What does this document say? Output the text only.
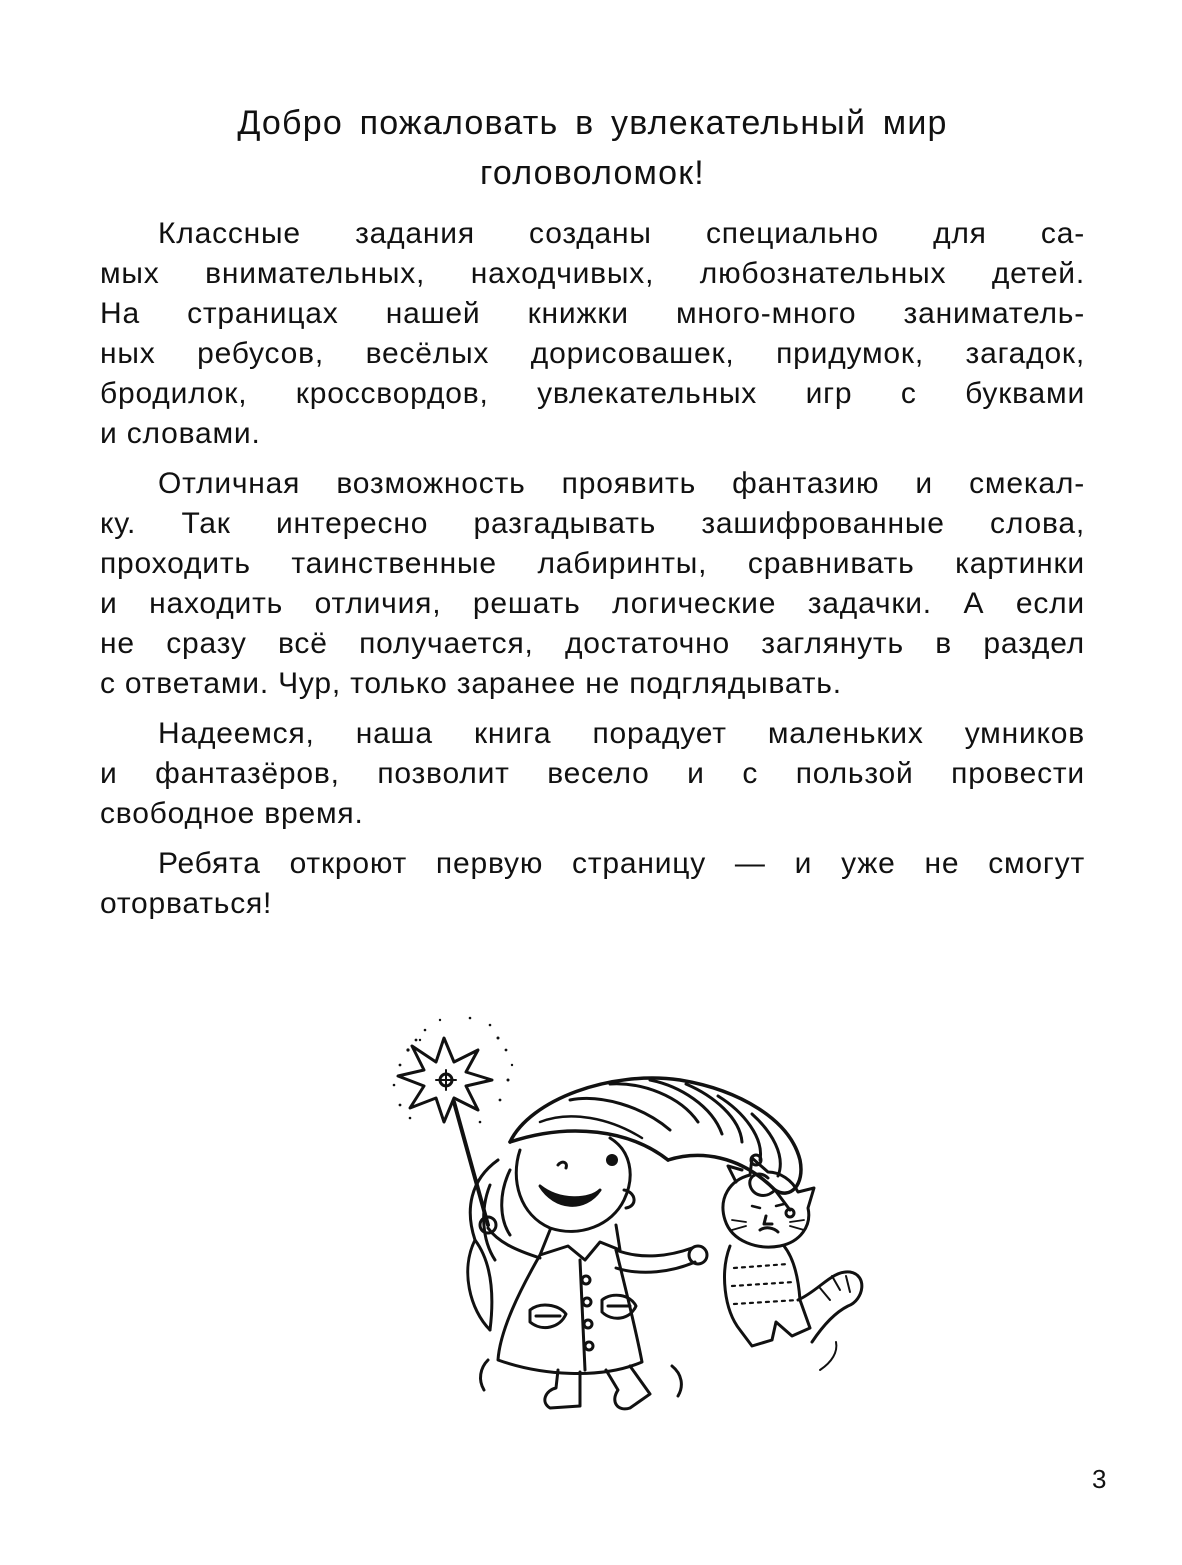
Добро пожаловать в увлекательный мир
головоломок!
Классные задания созданы специально для са-
мых внимательных, находчивых, любознательных детей.
На страницах нашей книжки много-много заниматель-
ных ребусов, весёлых дорисовашек, придумок, загадок,
бродилок, кроссвордов, увлекательных игр с буквами
и словами.
Отличная возможность проявить фантазию и смекал-
ку. Так интересно разгадывать зашифрованные слова,
проходить таинственные лабиринты, сравнивать картинки
и находить отличия, решать логические задачки. А если
не сразу всё получается, достаточно заглянуть в раздел
с ответами. Чур, только заранее не подглядывать.
Надеемся, наша книга порадует маленьких умников
и фантазёров, позволит весело и с пользой провести
свободное время.
Ребята откроют первую страницу — и уже не смогут
оторваться!
3
